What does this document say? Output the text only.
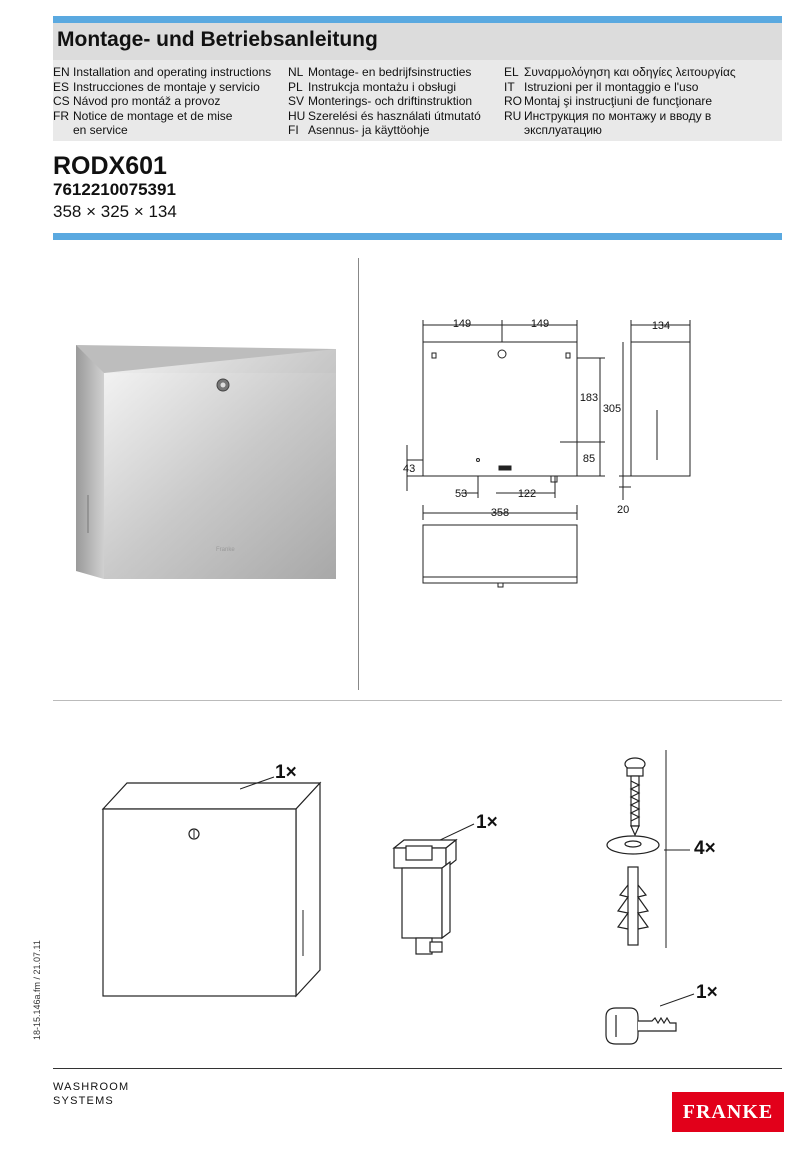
Montage- und Betriebsanleitung
EN Installation and operating instructions
ES Instrucciones de montaje y servicio
CS Návod pro montáž a provoz
FR Notice de montage et de mise en service
NL Montage- en bedrijfsinstructies
PL Instrukcja montażu i obsługi
SV Monterings- och driftinstruktion
HU Szerelési és használati útmutató
FI Asennus- ja käyttöohje
EL Συναρμολόγηση και οδηγίες λειτουργίας
IT Istruzioni per il montaggio e l'uso
RO Montaj şi instrucţiuni de funcţionare
RU Инструкция по монтажу и вводу в эксплуатацию
RODX601
7612210075391
358 × 325 × 134
Franke
149	149	134
183
305
85
43
53	122
20
358
1×
1×
4×
1×
18-15.146a.fm / 21.07.11
WASHROOM
SYSTEMS	FRANKE
